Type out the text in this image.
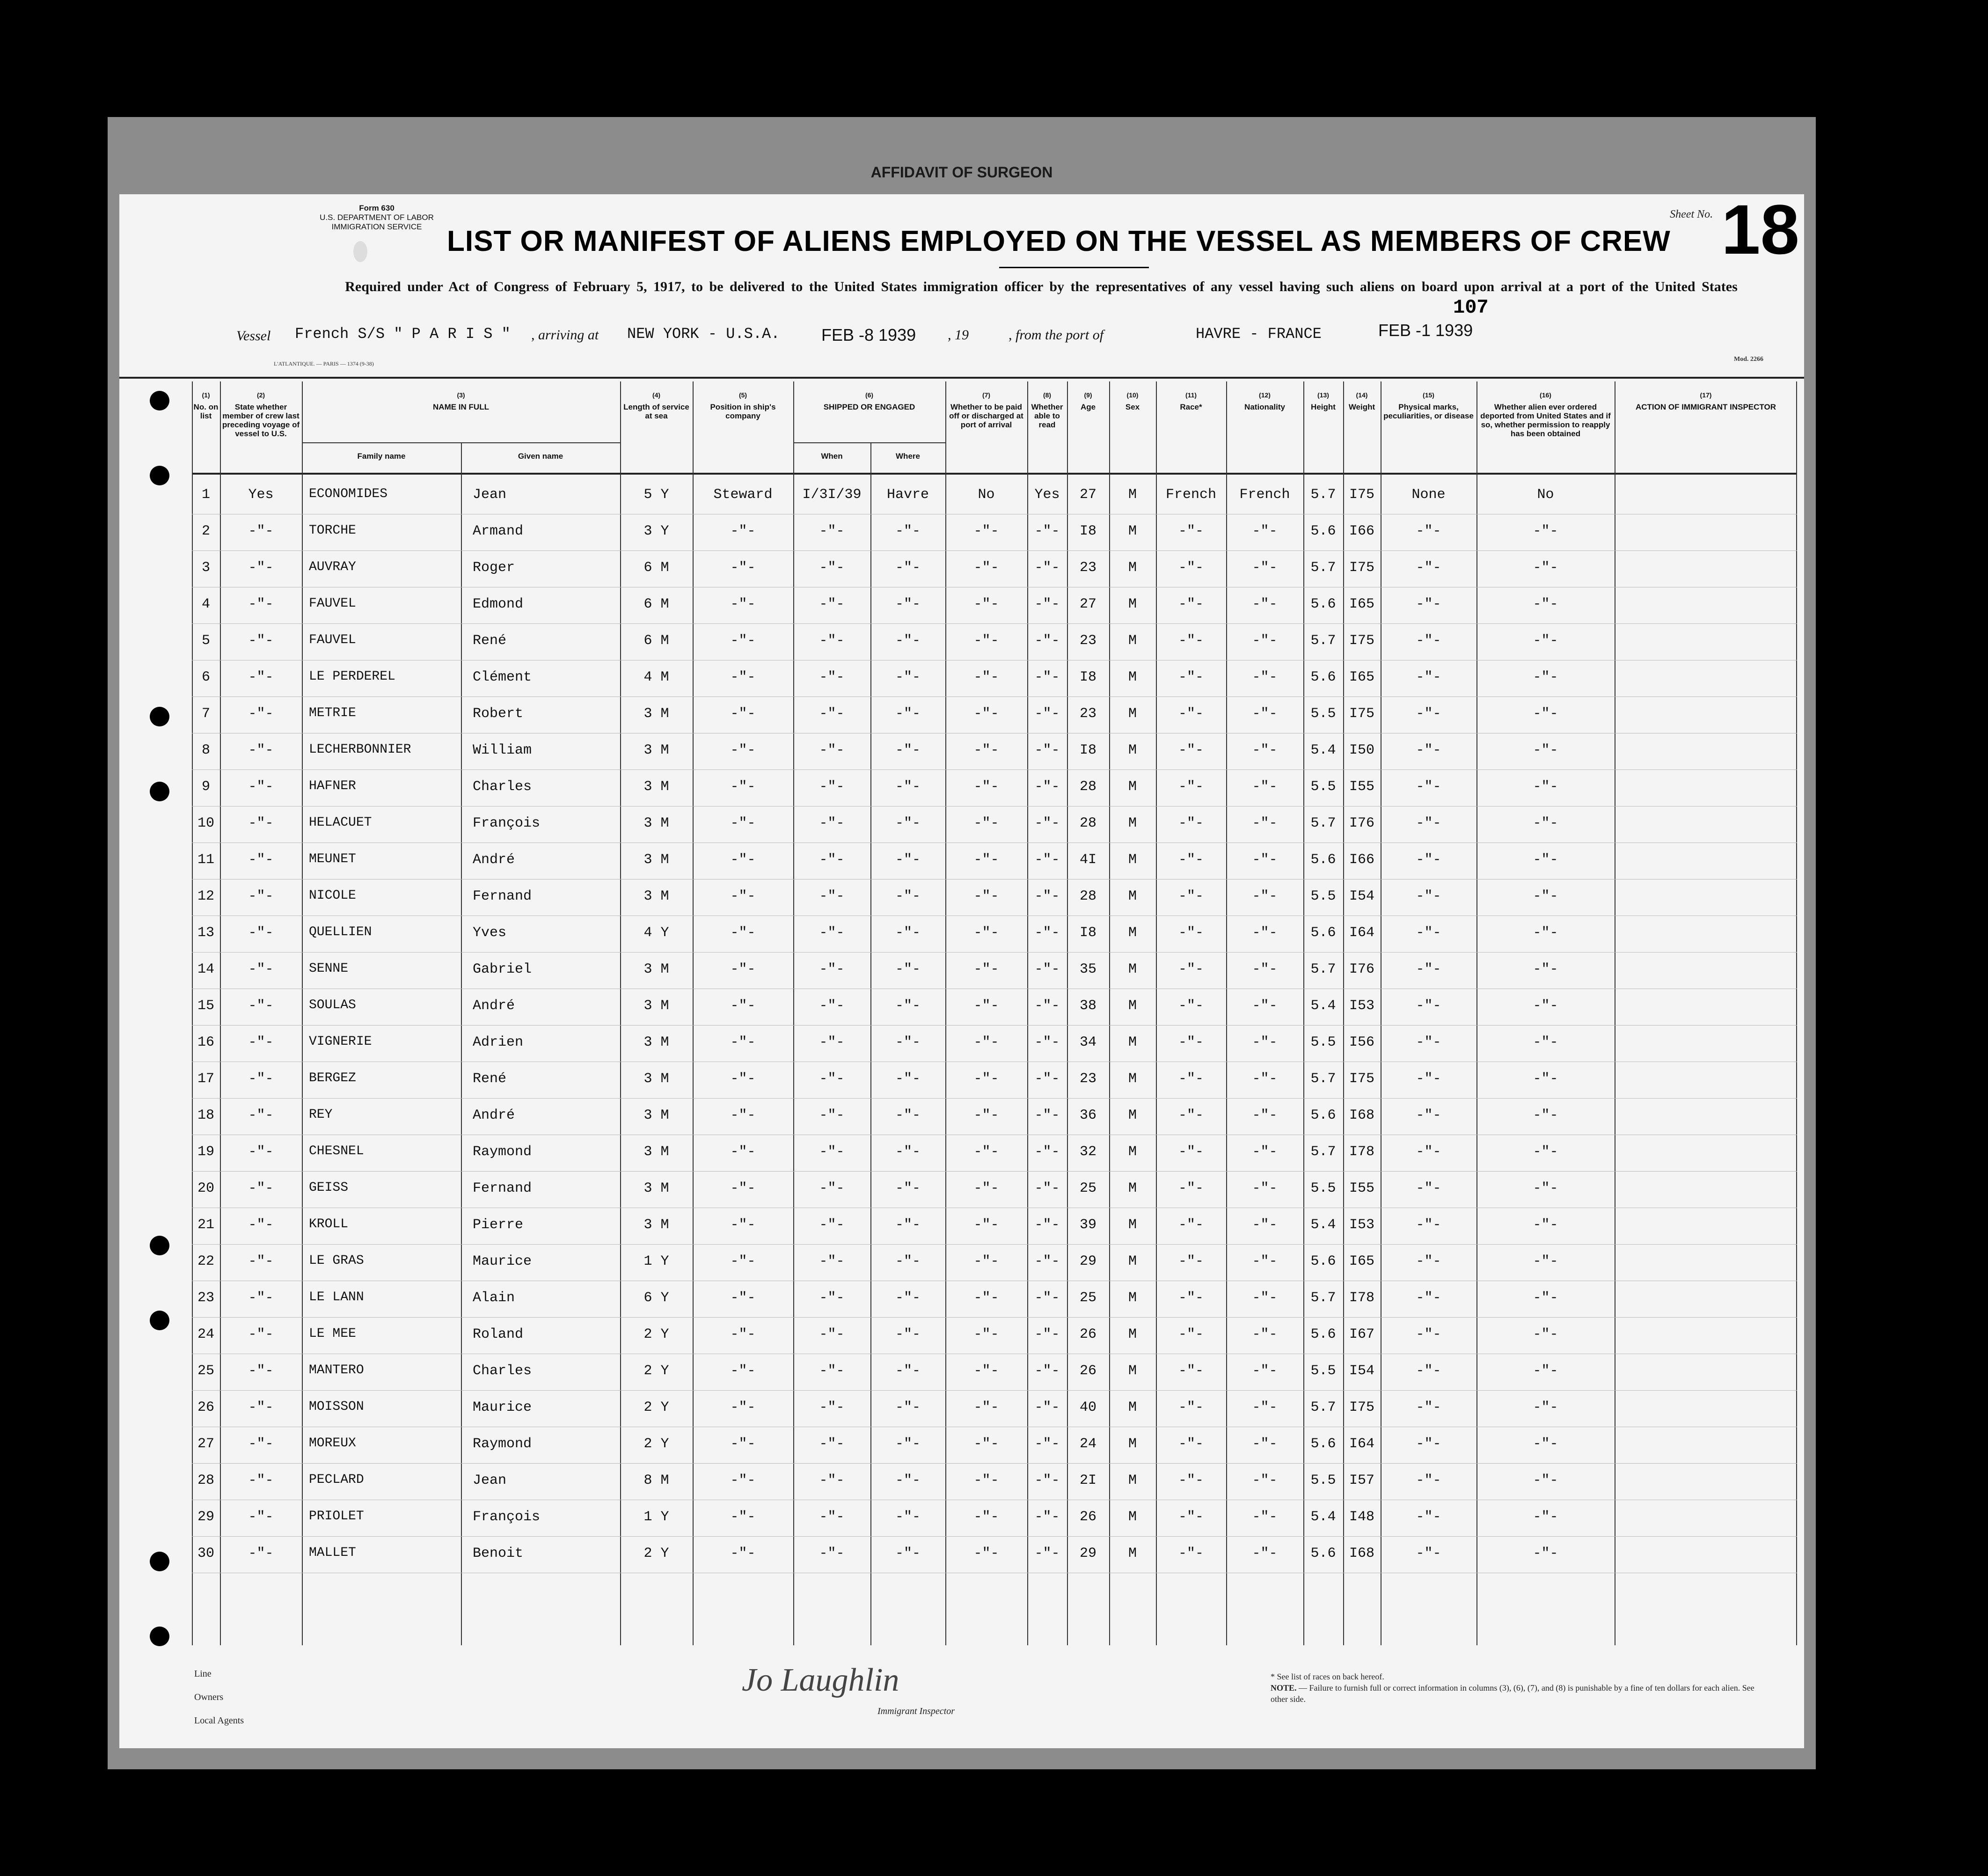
AFFIDAVIT OF SURGEON
Form 630
U.S. DEPARTMENT OF LABOR
IMMIGRATION SERVICE
Sheet No. 18
LIST OR MANIFEST OF ALIENS EMPLOYED ON THE VESSEL AS MEMBERS OF CREW
Required under Act of Congress of February 5, 1917, to be delivered to the United States immigration officer by the representatives of any vessel having such aliens on board upon arrival at a port of the United States
107
Vessel French S/S " P A R I S " , arriving at NEW YORK - U.S.A. FEB -8 1939 , 19	, from the port of	HAVRE - FRANCE	FEB -1 1939
L'ATLANTIQUE. — PARIS — 1374 (9-38)
Mod. 2266
(1)
No. on list
(2)
State whether member of crew last preceding voyage of vessel to U.S.
(3)
NAME IN FULL
(4)
Length of service at sea
(5)
Position in ship's company
(6)
SHIPPED OR ENGAGED
(7)
Whether to be paid off or discharged at port of arrival
(8)
Whether able to read
(9)
Age
(10)
Sex
(11)
Race*
(12)
Nationality
(13)
Height
(14)
Weight
(15)
Physical marks, peculiarities, or disease
(16)
Whether alien ever ordered deported from United States and if so, whether permission to reapply has been obtained
(17)
ACTION OF IMMIGRANT INSPECTOR
Family name	Given name	When	Where
1	Yes	ECONOMIDES	Jean	5 Y	Steward	I/3I/39	Havre	No	Yes	27	M	French	French	5.7 I75	None	No
2	-"-	TORCHE	Armand	3 Y	-"-	-"-	-"-	-"-	-"-	I8	M	-"-	-"-	5.6 I66	-"-	-"-
3	-"-	AUVRAY	Roger	6 M	-"-	-"-	-"-	-"-	-"-	23	M	-"-	-"-	5.7 I75	-"-	-"-
4	-"-	FAUVEL	Edmond	6 M	-"-	-"-	-"-	-"-	-"-	27	M	-"-	-"-	5.6 I65	-"-	-"-
5	-"-	FAUVEL	René	6 M	-"-	-"-	-"-	-"-	-"-	23	M	-"-	-"-	5.7 I75	-"-	-"-
6	-"-	LE PERDEREL	Clément	4 M	-"-	-"-	-"-	-"-	-"-	I8	M	-"-	-"-	5.6 I65	-"-	-"-
7	-"-	METRIE	Robert	3 M	-"-	-"-	-"-	-"-	-"-	23	M	-"-	-"-	5.5 I75	-"-	-"-
8	-"-	LECHERBONNIER	William	3 M	-"-	-"-	-"-	-"-	-"-	I8	M	-"-	-"-	5.4 I50	-"-	-"-
9	-"-	HAFNER	Charles	3 M	-"-	-"-	-"-	-"-	-"-	28	M	-"-	-"-	5.5 I55	-"-	-"-
10	-"-	HELACUET	François	3 M	-"-	-"-	-"-	-"-	-"-	28	M	-"-	-"-	5.7 I76	-"-	-"-
11	-"-	MEUNET	André	3 M	-"-	-"-	-"-	-"-	-"-	4I	M	-"-	-"-	5.6 I66	-"-	-"-
12	-"-	NICOLE	Fernand	3 M	-"-	-"-	-"-	-"-	-"-	28	M	-"-	-"-	5.5 I54	-"-	-"-
13	-"-	QUELLIEN	Yves	4 Y	-"-	-"-	-"-	-"-	-"-	I8	M	-"-	-"-	5.6 I64	-"-	-"-
14	-"-	SENNE	Gabriel	3 M	-"-	-"-	-"-	-"-	-"-	35	M	-"-	-"-	5.7 I76	-"-	-"-
15	-"-	SOULAS	André	3 M	-"-	-"-	-"-	-"-	-"-	38	M	-"-	-"-	5.4 I53	-"-	-"-
16	-"-	VIGNERIE	Adrien	3 M	-"-	-"-	-"-	-"-	-"-	34	M	-"-	-"-	5.5 I56	-"-	-"-
17	-"-	BERGEZ	René	3 M	-"-	-"-	-"-	-"-	-"-	23	M	-"-	-"-	5.7 I75	-"-	-"-
18	-"-	REY	André	3 M	-"-	-"-	-"-	-"-	-"-	36	M	-"-	-"-	5.6 I68	-"-	-"-
19	-"-	CHESNEL	Raymond	3 M	-"-	-"-	-"-	-"-	-"-	32	M	-"-	-"-	5.7 I78	-"-	-"-
20	-"-	GEISS	Fernand	3 M	-"-	-"-	-"-	-"-	-"-	25	M	-"-	-"-	5.5 I55	-"-	-"-
21	-"-	KROLL	Pierre	3 M	-"-	-"-	-"-	-"-	-"-	39	M	-"-	-"-	5.4 I53	-"-	-"-
22	-"-	LE GRAS	Maurice	1 Y	-"-	-"-	-"-	-"-	-"-	29	M	-"-	-"-	5.6 I65	-"-	-"-
23	-"-	LE LANN	Alain	6 Y	-"-	-"-	-"-	-"-	-"-	25	M	-"-	-"-	5.7 I78	-"-	-"-
24	-"-	LE MEE	Roland	2 Y	-"-	-"-	-"-	-"-	-"-	26	M	-"-	-"-	5.6 I67	-"-	-"-
25	-"-	MANTERO	Charles	2 Y	-"-	-"-	-"-	-"-	-"-	26	M	-"-	-"-	5.5 I54	-"-	-"-
26	-"-	MOISSON	Maurice	2 Y	-"-	-"-	-"-	-"-	-"-	40	M	-"-	-"-	5.7 I75	-"-	-"-
27	-"-	MOREUX	Raymond	2 Y	-"-	-"-	-"-	-"-	-"-	24	M	-"-	-"-	5.6 I64	-"-	-"-
28	-"-	PECLARD	Jean	8 M	-"-	-"-	-"-	-"-	-"-	2I	M	-"-	-"-	5.5 I57	-"-	-"-
29	-"-	PRIOLET	François	1 Y	-"-	-"-	-"-	-"-	-"-	26	M	-"-	-"-	5.4 I48	-"-	-"-
30	-"-	MALLET	Benoit	2 Y	-"-	-"-	-"-	-"-	-"-	29	M	-"-	-"-	5.6 I68	-"-	-"-
Line
Owners
Local Agents
Jo Laughlin
Immigrant Inspector
* See list of races on back hereof.
NOTE. — Failure to furnish full or correct information in columns (3), (6), (7), and (8) is punishable by a fine of ten dollars for each alien. See other side.
